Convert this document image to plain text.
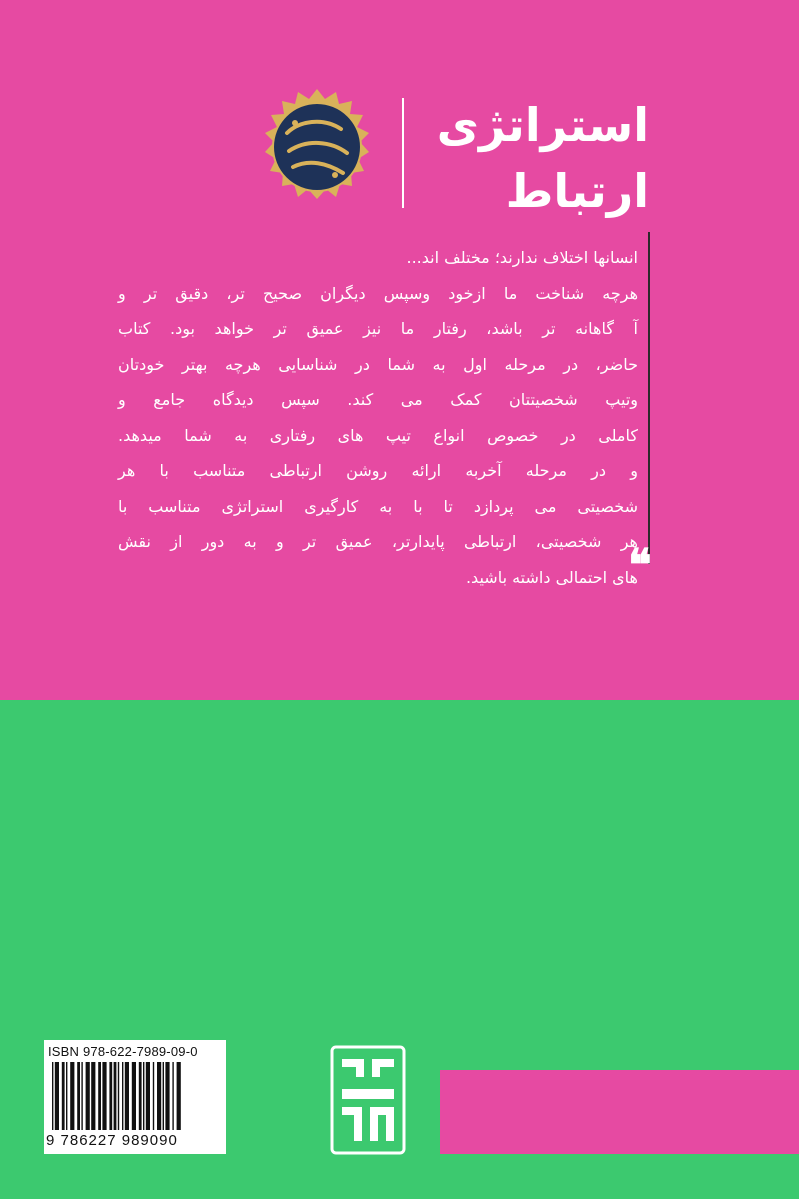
استراتژی
ارتباط
انسانها اختلاف ندارند؛ مختلف اند...
هرچه شناخت ما ازخود وسپس دیگران صحیح تر، دقیق تر و
آ گاهانه تر باشد، رفتار ما نیز عمیق تر خواهد بود. کتاب
حاضر، در مرحله اول به شما در شناسایی هرچه بهتر خودتان
وتیپ شخصیتتان کمک می کند. سپس دیدگاه جامع و
کاملی در خصوص انواع تیپ های رفتاری به شما میدهد.
و در مرحله آخربه ارائه روشن ارتباطی متناسب با هر
شخصیتی می پردازد تا با به کارگیری استراتژی متناسب با
هر شخصیتی، ارتباطی پایدارتر، عمیق تر و به دور از نقش
های احتمالی داشته باشید.
❝
ISBN 978-622-7989-09-0
9 786227 989090
